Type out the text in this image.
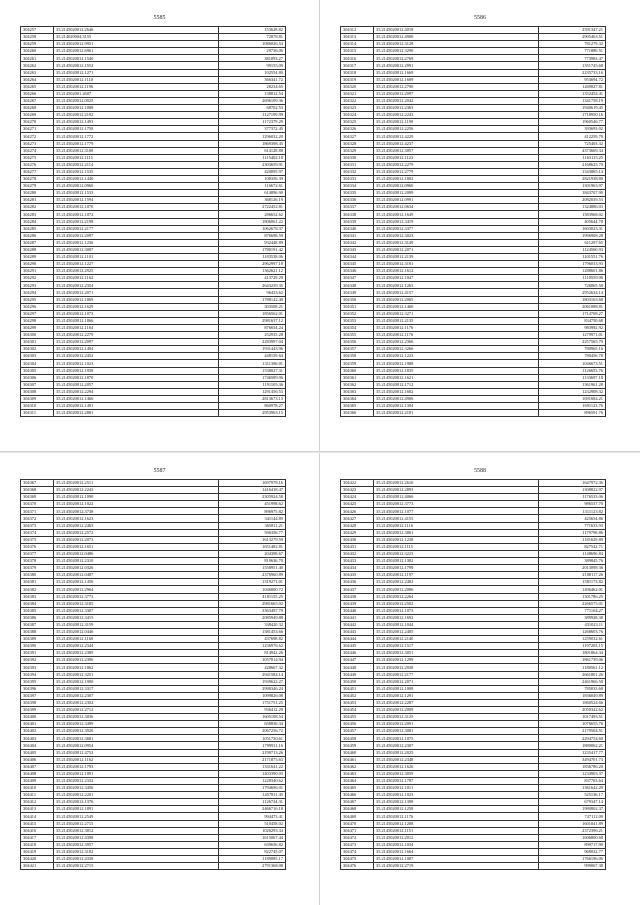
5585
304257	35.2145020012.2646	153628.82
304258	35.214020004.3155	72878.81
304259	35.2145020012.9951	1086026.54
304260	35.2145020012.6961	29736.06
304261	35.2145020012.1540	381893.27
304262	35.2145020012.1552	99155.09
304263	35.2145020012.1271	102554.80
304264	35.2145020012.1110	366341.72
304265	35.2145020012.1196	28234.65
304266	35.214502001.2607	138812.54
304267	35.2145020012.0025	2696109.36
304268	35.2145020012.1088	68702.53
304269	35.2145020012.2192	1127199.99
304270	35.2145020012.1493	1172379.29
304271	35.2145020012.1758	377372.45
304272	35.2145020012.1772	1296032.20
304273	35.2145020012.1779	1869398.45
304274	35.2145020012.3108	614128.88
304275	35.2145020012.1115	1115402.18
304276	35.2145020012.2114	2303659.91
304277	35.2145020012.1535	420095.97
304278	35.2145020012.1440	108356.39
304279	35.2145020012.0960	116672.61
304280	35.2145020012.1533	614896.90
304281	35.2145020012.1594	368126.19
304282	35.2145020012.1070	2722452.81
304283	35.2145020012.1072	286652.62
304284	35.2145020012.2198	1806061.22
304285	35.2145020012.2177	1062678.37
304286	35.2145020012.2097	876698.59
304287	35.2145020012.1236	932448.89
304288	35.2145020012.3007	1780191.42
304289	35.2145020012.1101	1183538.06
304290	35.2145020012.1227	2962997.18
304291	35.2145020012.2925	1362621.12
304292	35.2145020012.1162	413729.29
304293	35.2145020012.2354	2643239.35
304294	35.2145020012.2071	96433.62
304295	35.2145020012.1869	1788142.40
304296	35.2145020012.1629	303508.21
304297	35.2145020012.1073	1856562.01
304298	35.2145020012.1866	2981637.12
304299	35.2145020012.1164	876654.24
304300	35.2145020012.2279	252935.28
304301	35.2145020012.2097	2283997.04
304302	35.2145020012.1494	1931443.96
304303	35.2145020012.2452	448159.64
304304	35.2145020012.1023	1311396.01
304305	35.2145020012.1958	1538027.31
304306	35.2145020012.1870	1746589.96
304307	35.2145020012.2057	1191105.36
304308	35.2145020012.2294	1291456.53
304309	35.2145020012.1466	2813673.13
304310	35.2145020012.1491	860978.27
304311	35.2145020012.2881	2953963.15
5586
304312	35.2145020012.4018	2591347.21
304313	35.2145020012.4900	2905463.51
304314	35.2145020012.3128	781279.32
304315	35.2145020012.3290	771880.51
304316	35.2145020012.2769	773983.47
304317	35.2145020012.2991	1351745.68
304318	35.2145020012.1669	2235733.16
304319	35.2145020012.1609	953694.72
304320	35.2145020012.2790	1269827.81
304321	35.2145020012.2097	1352454.41
304322	35.2145020012.2042	1341758.19
304323	35.2145020012.2363	1940619.45
304324	35.2145020012.2243	1718950.16
304325	35.2145020012.1190	1960546.77
304326	35.2145020012.2256	393693.02
304327	35.2145020012.4229	412259.70
304328	35.2145020012.4237	725403.32
304329	35.2145020012.3057	4373669.34
304330	35.2145020012.1123	1163115.25
304331	35.2145020012.2279	2168625.70
304332	35.2145020012.2779	1343865.14
304333	35.2145020012.1802	2821938.80
304334	35.2145020012.0960	1301963.97
304335	35.2145020012.2009	1843707.90
304336	35.2145020012.0991	2082039.53
304337	35.2145020012.0634	1324886.03
304338	35.2145020012.1649	1583968.02
304339	35.2145020012.3419	405644.78
304340	35.2145020012.3377	1603023.31
304341	35.2145020012.3023	1996908.28
304342	35.2145020012.3149	611297.65
304343	35.2145020012.2071	1124560.93
304344	35.2145020012.2139	1101551.76
304345	35.2145020012.3181	1796033.93
304346	35.2145020012.1612	1288601.86
304347	35.2145020012.1047	1110559.06
304348	35.2145020012.1263	726865.58
304349	35.2145020012.4157	2952634.14
304350	35.2145020012.2065	1803163.68
304351	35.2145020012.1460	2061088.81
304352	35.2145020012.3271	1714708.27
304353	35.2145020012.2135	834750.68
304354	35.2145020012.1176	983992.92
304355	35.2145020012.1176	1279971.01
304356	35.2145020012.2366	2257565.79
304357	35.2145020012.3266	780965.16
304358	35.2145020012.1223	780456.78
304359	35.2145020012.1988	1046673.51
304360	35.2145020012.1835	1126653.76
304361	35.2145020012.1621	1133697.18
304362	35.2145020012.1712	1361961.28
304363	35.2145020012.1602	1232908.32
304364	35.2145020012.4906	1691684.21
304365	35.2145020012.1394	1691123.76
304366	35.2145020012.2181	896591.76
5587
304367	35.2145020012.2511	1697978.16
304368	35.2145020012.2243	1416418.47
304369	35.2145020012.1090	2305924.58
304370	35.2145020012.1022	451998.62
304371	35.2145020012.3738	896975.82
304372	35.2145020012.1623	341144.89
304373	35.2145020012.2463	365811.21
304374	35.2145020012.2572	596356.77
304375	35.2145020012.2073	1613279.59
304376	35.2145020012.1651	1651482.81
304377	35.2145020012.0486	204398.67
304378	35.2145020012.2310	819636.70
304379	35.2145020012.0326	1558951.40
304380	35.2145020012.0487	2376960.89
304381	35.2145020012.1456	1319271.01
304382	35.2145020012.2964	1046800.72
304383	35.2145020012.3773	4181155.25
304384	35.2145020012.3185	2981665.02
304385	35.2145020012.3307	3363497.79
304386	35.2145020012.3415	2085949.88
304387	35.2145020012.3159	338420.32
304388	35.2145020012.0446	1581453.66
304389	35.2145020012.1160	437698.82
304390	35.2145020012.2344	1236976.62
304391	35.2145020012.2389	814942.26
304392	35.2145020012.2396	1057814.94
304393	35.2145020012.1862	428667.32
304394	35.2145020012.3251	2941584.14
304395	35.2145020012.1900	1939622.27
304396	35.2145020012.3317	2998346.24
304397	35.2145020012.2307	1099826.08
304398	35.2145020012.2302	1751751.25
304399	35.2145020012.2712	936412.29
304400	35.2145020012.3036	1605108.54
304401	35.2145020012.3499	658836.34
304402	35.2145020012.3926	2067256.72
304403	35.2145020012.3681	1051730.61
304404	35.2145020012.0954	1799911.16
304405	35.2145020012.4752	2199713.26
304406	35.2145020012.1162	2171875.63
304407	35.2145020012.1793	1331641.22
304408	35.2145020012.1891	1403390.03
304409	35.2145020012.2332	1228340.62
304410	35.2145020012.3456	1794696.01
304411	35.2145020012.2201	1457811.45
304412	35.2145020012.1376	1126724.31
304413	35.2145020012.1891	2466716.18
304414	35.2145020012.2549	994473.41
304415	35.2145020012.2715	510458.02
304416	35.2145020012.3812	1026293.34
304417	35.2145020012.4398	1615067.44
304418	35.2145020012.3957	639656.82
304419	35.2145020012.3182	822745.07
304420	35.2145020012.4338	1189085.17
304421	35.2145020012.2715	2791368.08
5588
304422	35.2145020012.2616	1647972.36
304423	35.2145020012.2893	1308822.97
304424	35.2145020012.4066	1176533.06
304425	35.2145020012.3773	986537.70
304426	35.2145020012.1077	1311123.82
304427	35.2145020012.4155	425654.86
304428	35.2145020012.1116	771633.93
304429	35.2145020012.3861	1179798.86
304430	35.2145020012.1238	1181629.89
304431	35.2145020012.1115	827542.71
304432	35.2145020012.3223	1148696.84
304433	35.2145020012.1302	389845.76
304434	35.2145020012.1799	2013098.36
304435	35.2145020012.1197	2108117.26
304436	35.2145020012.2482	1581173.82
304437	35.2145020012.2086	1496462.01
304438	35.2145020012.2264	1301786.25
304439	35.2145020012.2502	2266575.01
304440	35.2145020012.1073	771164.27
304441	35.2145020012.1692	389928.38
304442	35.2145020012.1044	431023.11
304443	35.2145020012.2405	1268603.76
304444	35.2145020012.2140	1259032.61
304445	35.2145020012.1517	1197203.15
304446	35.2145020012.3051	1801864.34
304447	35.2145020012.1299	1861739.06
304448	35.2145020012.2938	1180561.12
304449	35.2145020012.2177	2661801.26
304450	35.2145020012.2071	2461966.50
304451	35.2145020012.1008	785033.68
304452	35.2145020012.1291	1836049.89
304453	35.2145020012.2287	1860524.66
304454	35.2145020012.2009	2050342.62
304455	35.2145020012.3125	1017493.51
304456	35.2145020012.2091	1076655.76
304457	35.2145020012.3081	2179504.51
304458	35.2145020012.1075	2294754.60
304459	35.2145020012.2307	1880062.21
304460	35.2145020012.2025	1235417.77
304461	35.2145020012.2348	3494701.73
304462	35.2145020012.1626	1836786.20
304463	35.2145020012.3059	1234903.37
304464	35.2145020012.1787	837763.64
304465	35.2145020012.1011	1361642.29
304466	35.2145020012.1023	525136.17
304467	35.2145020012.1398	679347.14
304468	35.2145020012.1258	1980802.37
304469	35.2145020012.1176	747112.09
304470	35.2145020012.1208	1601041.89
304471	35.2145020012.1151	2372396.21
304472	35.2145020012.2012	1606800.68
304473	35.2145020012.1034	899717.90
304474	35.2145020012.1664	968032.77
304475	35.2145020012.1087	1766196.06
304476	35.2145020012.2719	999067.38
